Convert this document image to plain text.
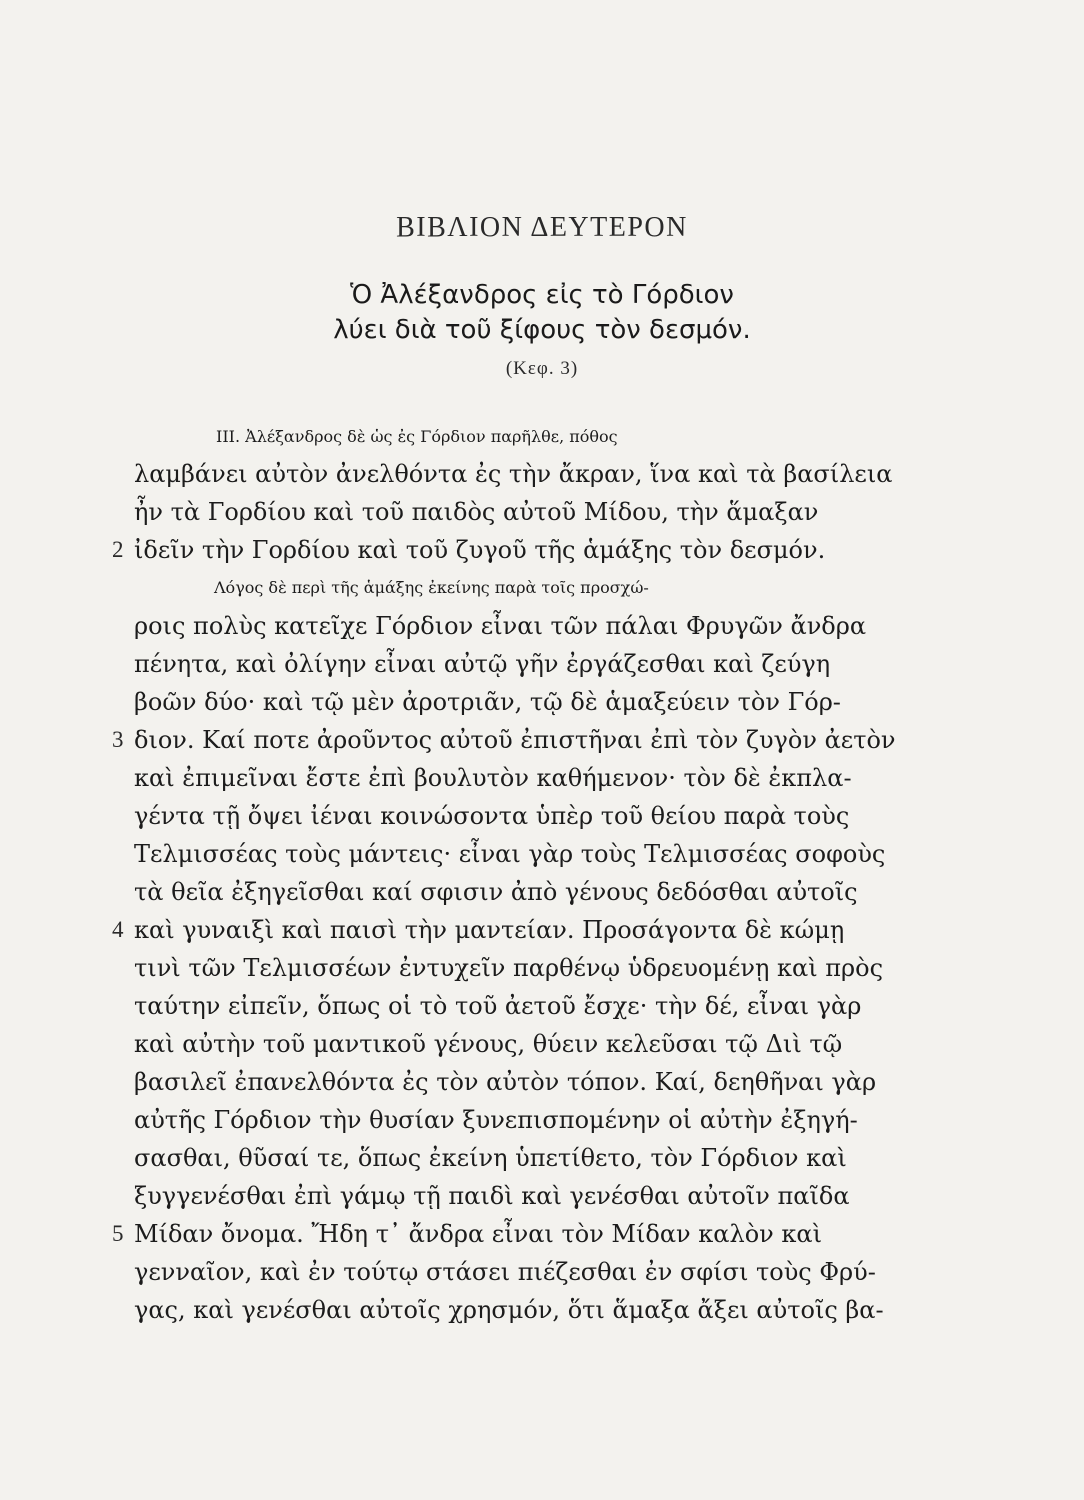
ΒΙΒΛΙΟΝ ΔΕΥΤΕΡΟΝ
Ὁ Ἀλέξανδρος εἰς τὸ Γόρδιον
λύει διὰ τοῦ ξίφους τὸν δεσμόν.
(Κεφ. 3)
III. Ἀλέξανδρος δὲ ὡς ἐς Γόρδιον παρῆλθε, πόθος
λαμβάνει αὐτὸν ἀνελθόντα ἐς τὴν ἄκραν, ἵνα καὶ τὰ βασίλεια
ἦν τὰ Γορδίου καὶ τοῦ παιδὸς αὐτοῦ Μίδου, τὴν ἅμαξαν
ἰδεῖν τὴν Γορδίου καὶ τοῦ ζυγοῦ τῆς ἁμάξης τὸν δεσμόν.
Λόγος δὲ περὶ τῆς ἁμάξης ἐκείνης παρὰ τοῖς προσχώ-
ροις πολὺς κατεῖχε Γόρδιον εἶναι τῶν πάλαι Φρυγῶν ἄνδρα
πένητα, καὶ ὀλίγην εἶναι αὐτῷ γῆν ἐργάζεσθαι καὶ ζεύγη
βοῶν δύο· καὶ τῷ μὲν ἀροτριᾶν, τῷ δὲ ἁμαξεύειν τὸν Γόρ-
διον. Καί ποτε ἀροῦντος αὐτοῦ ἐπιστῆναι ἐπὶ τὸν ζυγὸν ἀετὸν
καὶ ἐπιμεῖναι ἔστε ἐπὶ βουλυτὸν καθήμενον· τὸν δὲ ἐκπλα-
γέντα τῇ ὄψει ἰέναι κοινώσοντα ὑπὲρ τοῦ θείου παρὰ τοὺς
Τελμισσέας τοὺς μάντεις· εἶναι γὰρ τοὺς Τελμισσέας σοφοὺς
τὰ θεῖα ἐξηγεῖσθαι καί σφισιν ἀπὸ γένους δεδόσθαι αὐτοῖς
καὶ γυναιξὶ καὶ παισὶ τὴν μαντείαν. Προσάγοντα δὲ κώμῃ
τινὶ τῶν Τελμισσέων ἐντυχεῖν παρθένῳ ὑδρευομένῃ καὶ πρὸς
ταύτην εἰπεῖν, ὅπως οἱ τὸ τοῦ ἀετοῦ ἔσχε· τὴν δέ, εἶναι γὰρ
καὶ αὐτὴν τοῦ μαντικοῦ γένους, θύειν κελεῦσαι τῷ Διὶ τῷ
βασιλεῖ ἐπανελθόντα ἐς τὸν αὐτὸν τόπον. Καί, δεηθῆναι γὰρ
αὐτῆς Γόρδιον τὴν θυσίαν ξυνεπισπομένην οἱ αὐτὴν ἐξηγή-
σασθαι, θῦσαί τε, ὅπως ἐκείνη ὑπετίθετο, τὸν Γόρδιον καὶ
ξυγγενέσθαι ἐπὶ γάμῳ τῇ παιδὶ καὶ γενέσθαι αὐτοῖν παῖδα
Μίδαν ὄνομα. Ἤδη τ᾽ ἄνδρα εἶναι τὸν Μίδαν καλὸν καὶ
γενναῖον, καὶ ἐν τούτῳ στάσει πιέζεσθαι ἐν σφίσι τοὺς Φρύ-
γας, καὶ γενέσθαι αὐτοῖς χρησμόν, ὅτι ἅμαξα ἄξει αὐτοῖς βα-
2
3
4
5
